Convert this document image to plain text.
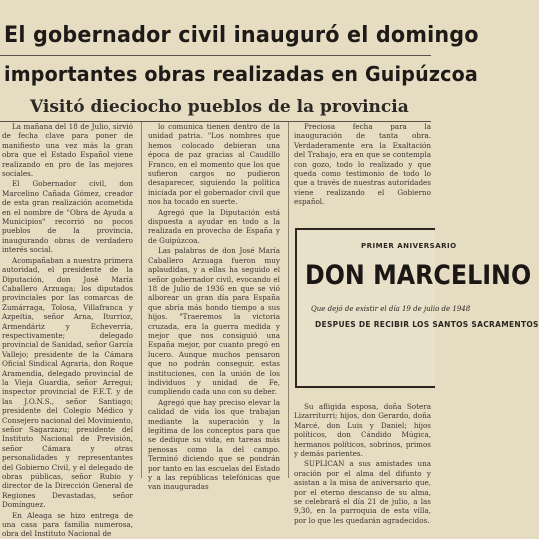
El gobernador civil inauguró el domingo
importantes obras realizadas en Guipúzcoa
Visitó dieciocho pueblos de la provincia

La mañana del 18 de Julio, sirvió de fecha clave para poner de manifiesto una vez más la gran obra que el Estado Español viene realizando en pro de las mejores sociales.

El Gobernador civil, don Marcelino Cañada Gómez, creador de esta gran realización acometida en el nombre de "Obra de Ayuda a Municipios" recorrió no pocos pueblos de la provincia, inaugurando obras de verdadero interés social.

Acompañaban a nuestra primera autoridad, el presidente de la Diputación, don José María Caballero Arzuaga; los diputados provinciales por las comarcas de Zumárraga, Tolosa, Villafranca y Azpeitia, señor Arna, Iturrioz, Armendáriz y Echeverría, respectivamente; delegado provincial de Sanidad, señor García Vallejo; presidente de la Cámara Oficial Sindical Agraria, don Roque Aramendia, delegado provincial de la Vieja Guardia, señor Arregui; inspector provincial de F.E.T. y de las J.O.N.S., señor Santiago; presidente del Colegio Médico y Consejero nacional del Movimiento, señor Sagarzazu; presidente del Instituto Nacional de Previsión, señor Cámara y otras personalidades y representantes del Gobierno Civil, y el delegado de obras públicas, señor Rubio y director de la Dirección General de Regiones Devastadas, señor Domínguez.

En Aleaga se hizo entrega de una casa para familia numerosa, obra del Instituto Nacional de

lo comunica tienen dentro de la unidad patria. "Los nombres que hemos colocado debieran una época de paz gracias al Caudillo Franco, en el momento que los que sufieron cargos no pudieron desaparecer, siguiendo la política iniciada por el gobernador civil que nos ha tocado en suerte.

Agregó que la Diputación está dispuesta a ayudar en todo a la realizada en provecho de España y de Guipúzcoa.

Las palabras de don José María Caballero Arzuaga fueron muy aplaudidas, y a ellas ha seguido el señor gobernador civil, evocando el 18 de Julio de 1936 en que se vió alborear un gran día para España que abría más hondo tiempo a sus hijos. "Traeremos la victoria cruzada, era la guerra medida y mejor que nos consiguió una España mejor, por cuanto pregó en lucero. Aunque muchos pensaron que no podrán conseguir, estas instituciones, con la unión de los individuos y unidad de Fe, cumpliendo cada uno con su deber.

Agregó que hay preciso elevar la calidad de vida los que trabajan mediante la superación y la legítima de los conceptos para que se dedique su vida, en tareas más penosas como la del campo. Terminó diciendo que se pondrán por tanto en las escuelas del Estado y a las repúblicas telefónicas que van inauguradas

Preciosa fecha para la inauguración de tanta obra. Verdaderamente era la Exaltación del Trabajo, era en que se contempla con gozo, todo lo realizado y que queda como testimonio de todo lo que a través de nuestras autoridades viene realizando el Gobierno español.

PRIMER ANIVERSARIO
DON MARCELINO
Que dejó de existir el día 19 de julio de 1948
DESPUES DE RECIBIR LOS SANTOS SACRAMENTOS

Su afligida esposa, doña Sotera Lizarriturri; hijos, don Gerardo, doña Marcé, don Luis y Daniel; hijos políticos, don Cándido Múgica, hermanos políticos, sobrinos, primos y demás parientes.

SUPLICAN a sus amistades una oración por el alma del difunto y asistan a la misa de aniversario que, por el eterno descanso de su alma, se celebrará el día 21 de julio, a las 9,30, en la parroquia de esta villa, por lo que les quedarán agradecidos.
